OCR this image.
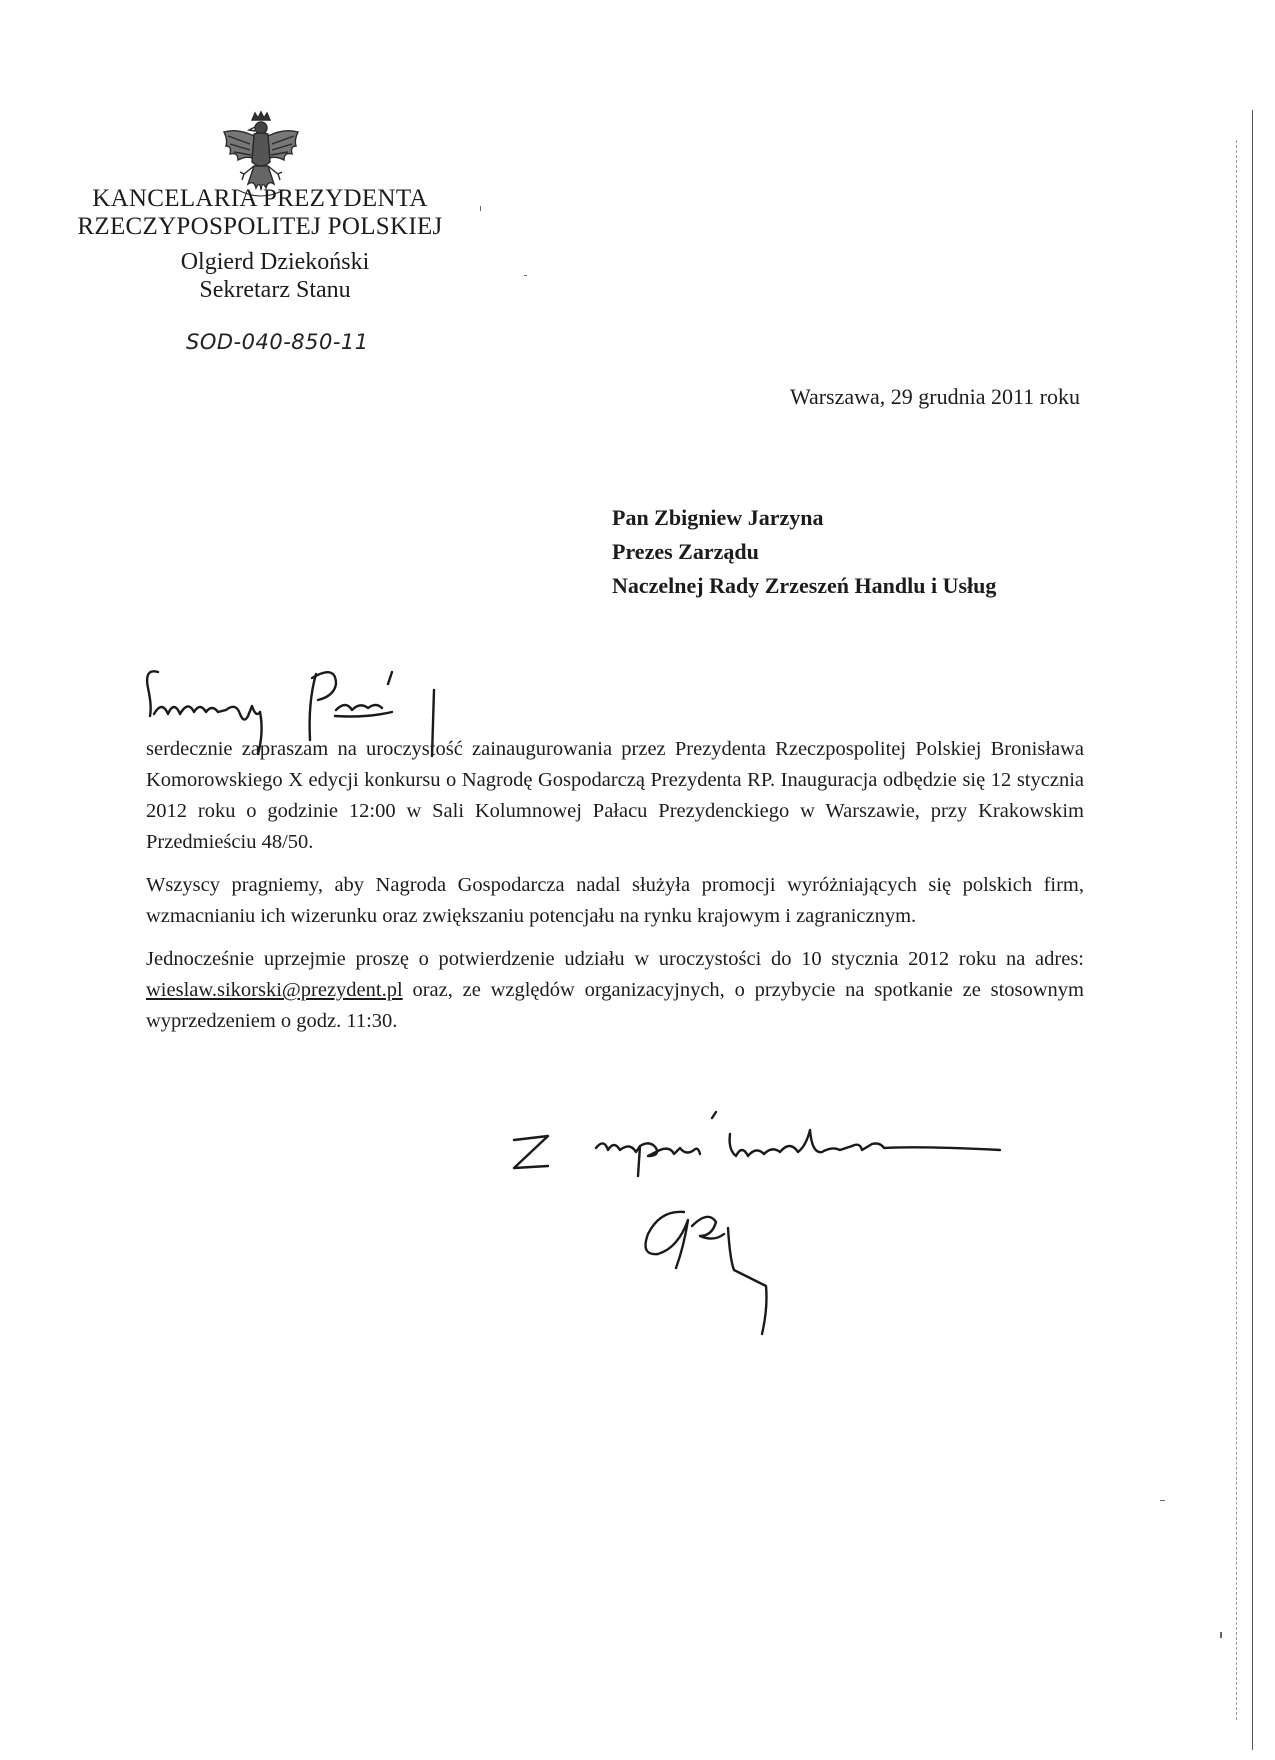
KANCELARIA PREZYDENTA
RZECZYPOSPOLITEJ POLSKIEJ
Olgierd Dziekoński
Sekretarz Stanu
SOD-040-850-11
Warszawa, 29 grudnia 2011 roku
Pan Zbigniew Jarzyna
Prezes Zarządu
Naczelnej Rady Zrzeszeń Handlu i Usług

serdecznie zapraszam na uroczystość zainaugurowania przez Prezydenta Rzeczpospolitej Polskiej Bronisława Komorowskiego X edycji konkursu o Nagrodę Gospodarczą Prezydenta RP. Inauguracja odbędzie się 12 stycznia 2012 roku o godzinie 12:00 w Sali Kolumnowej Pałacu Prezydenckiego w Warszawie, przy Krakowskim Przedmieściu 48/50.

Wszyscy pragniemy, aby Nagroda Gospodarcza nadal służyła promocji wyróżniających się polskich firm, wzmacnianiu ich wizerunku oraz zwiększaniu potencjału na rynku krajowym i zagranicznym.

Jednocześnie uprzejmie proszę o potwierdzenie udziału w uroczystości do 10 stycznia 2012 roku na adres: wieslaw.sikorski@prezydent.pl oraz, ze względów organizacyjnych, o przybycie na spotkanie ze stosownym wyprzedzeniem o godz. 11:30.
